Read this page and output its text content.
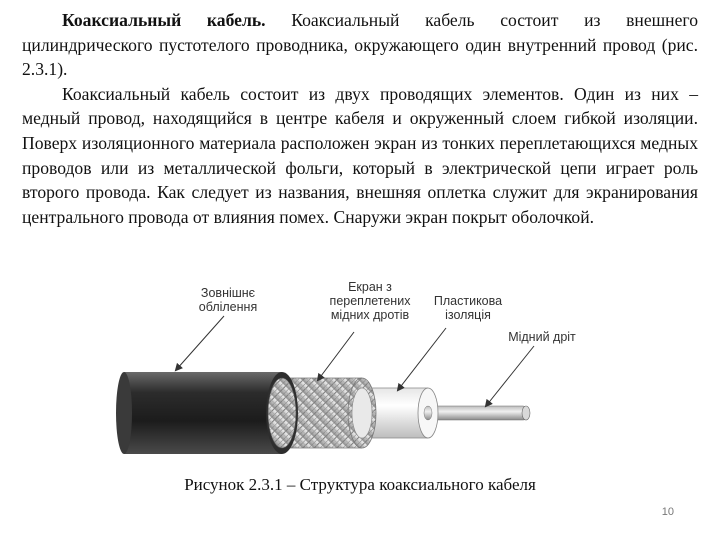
Коаксиальный кабель. Коаксиальный кабель состоит из внешнего цилиндрического пустотелого проводника, окружающего один внутренний провод (рис. 2.3.1).

Коаксиальный кабель состоит из двух проводящих элементов. Один из них – медный провод, находящийся в центре кабеля и окруженный слоем гибкой изоляции. Поверх изоляционного материала расположен экран из тонких переплетающихся медных проводов или из металлической фольги, который в электрической цепи играет роль второго провода. Как следует из названия, внешняя оплетка служит для экранирования центрального провода от влияния помех. Снаружи экран покрыт оболочкой.

Зовнішнє
облілення
Екран з
переплетених
мідних дротів
Пластикова
ізоляція
Мідний дріт
Рисунок 2.3.1 – Структура коаксиального кабеля
10
